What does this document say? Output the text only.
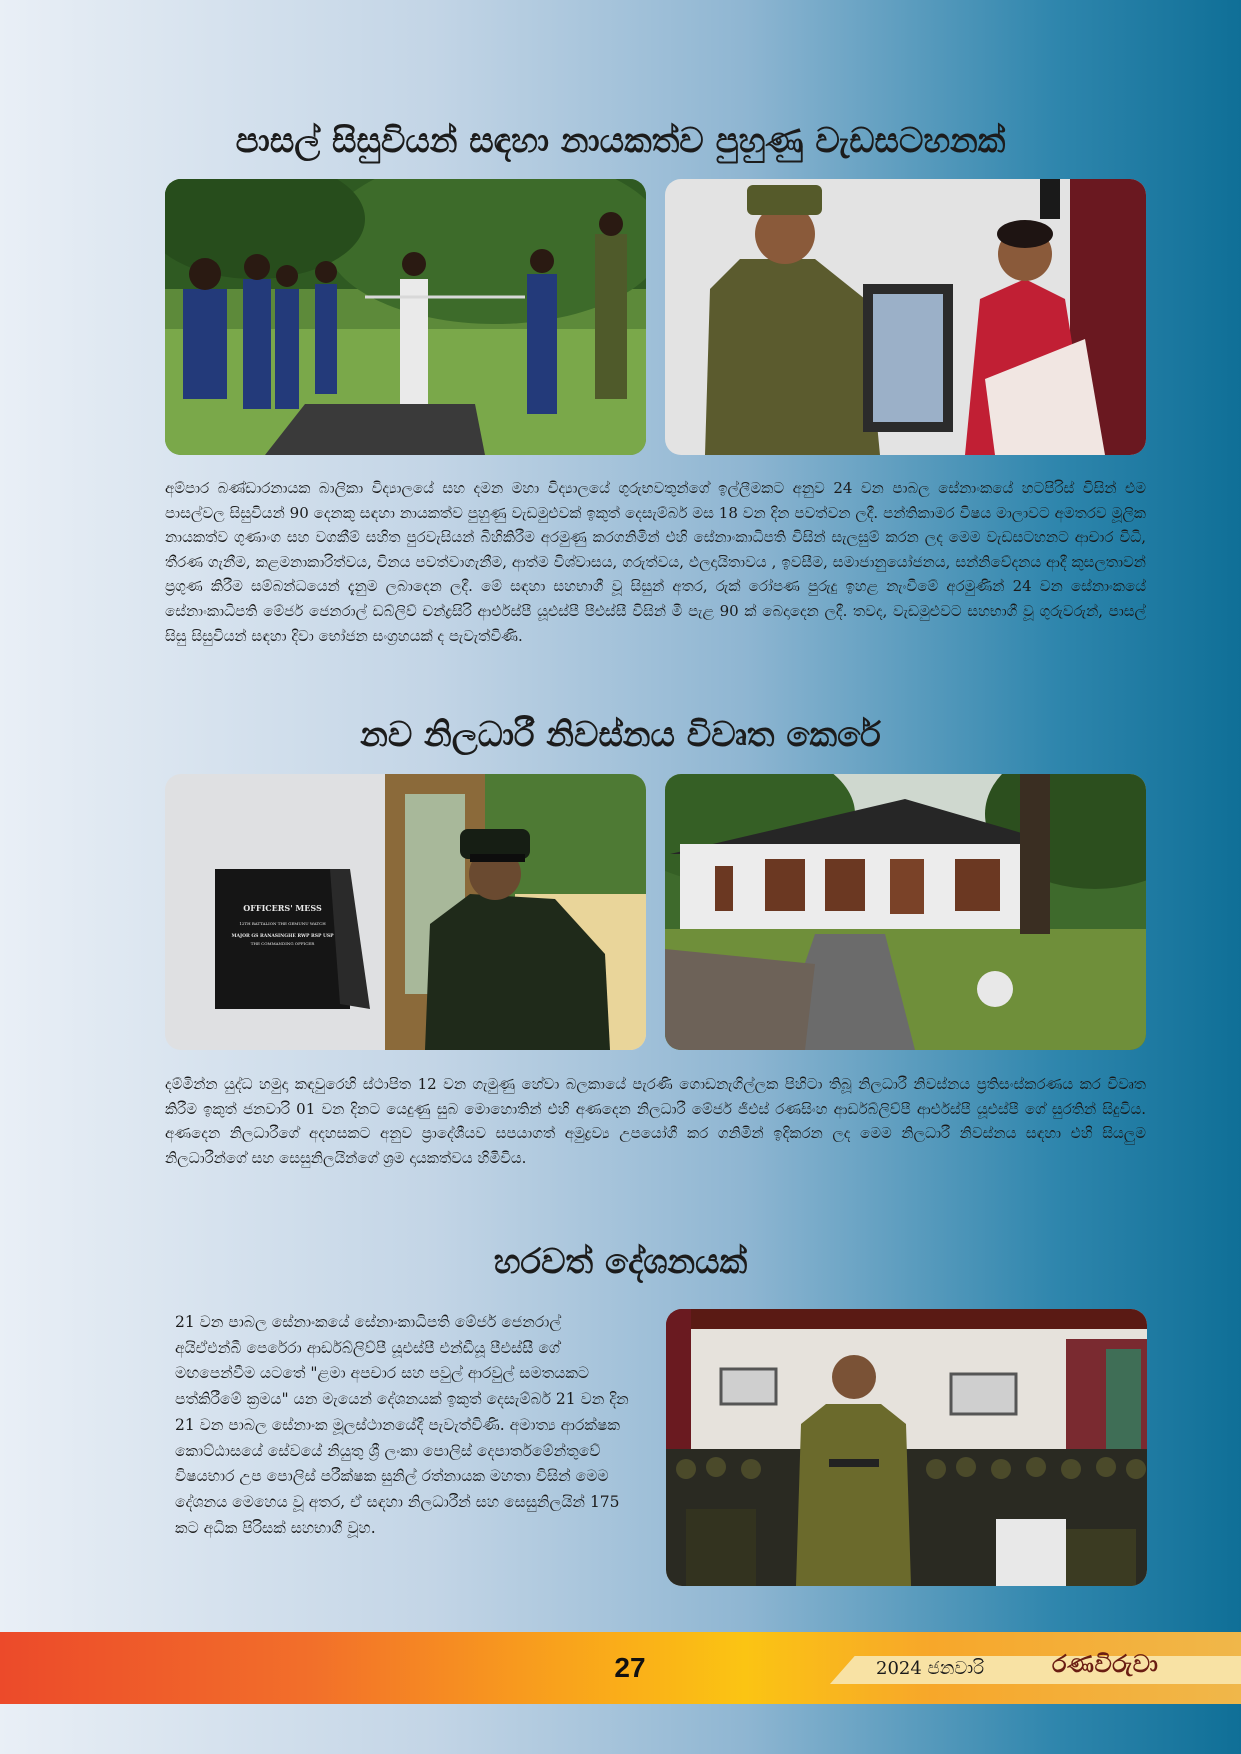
පාසල් සිසුවියන් සඳහා නායකත්ව පුහුණු වැඩසටහනක්

අම්පාර බණ්ඩාරනායක බාලිකා විද්‍යාලයේ සහ දමන මහා විද්‍යාලයේ ගුරුභවතුන්ගේ ඉල්ලීමකට අනුව 24 වන පාබල සේනාංකයේ හටපිරිස් විසින් එම පාසල්වල සිසුවියන් 90 දෙනකු සඳහා නායකත්ව පුහුණු වැඩමුළුවක් ඉකුත් දෙසැම්බර් මස 18 වන දින පවත්වන ලදී. පන්තිකාමර විෂය මාලාවට අමතරව මූලික නායකත්ව ගුණාංග සහ වගකීම් සහිත පුරවැසියන් බිහිකිරීම අරමුණු කරගනිමින් එහි සේනාංකාධිපති විසින් සැලසුම් කරන ලද මෙම වැඩසටහනට ආචාර විධි, තීරණ ගැනීම, කළමනාකාරිත්වය, විනය පවත්වාගැනීම, ආත්ම විශ්වාසය, ගරුත්වය, ඵලදායිතාවය , ඉවසීම, සමාජානුයෝජනය, සන්නිවේදනය ආදී කුසලතාවන් ප්‍රගුණ කිරීම සම්බන්ධයෙන් දැනුම ලබාදෙන ලදී. මේ සඳහා සහභාගී වූ සිසුන් අතර, රුක් රෝපණ පුරුදු ඉහළ නැංවීමේ අරමුණින් 24 වන සේනාංකයේ සේනාංකාධිපති මේජර් ජෙනරාල් ඩබ්ලිව් චන්ද්‍රසිරි ආර්එස්පී යූඑස්පී පීඑස්සී විසින් මී පැළ 90 ක් බෙදාදෙන ලදී. තවද, වැඩමුළුවට සහභාගී වූ ගුරුවරුන්, පාසල් සිසු සිසුවියන් සඳහා දිවා භෝජන සංග්‍රහයක් ද පැවැත්විණි.

නව නිලධාරී නිවස්නය විවෘත කෙරේ
OFFICERS' MESS
12TH BATTALION THE GEMUNU WATCH
MAJOR GS RANASINGHE RWP RSP USP
THE COMMANDING OFFICER

දම්මින්න යුද්ධ හමුදා කඳවුරෙහි ස්ථාපිත 12 වන ගැමුණු හේවා බලකායේ පැරණි ගොඩනැගිල්ලක පිහිටා තිබූ නිලධාරී නිවස්නය ප්‍රතිසංස්කරණය කර විවෘත කිරීම ඉකුත් ජනවාරි 01 වන දිනට යෙදුණු සුබ මොහොතින් එහි අණදෙන නිලධාරී මේජර් ජීඑස් රණසිංහ ආර්ඩබ්ලිව්පී ආර්එස්පී යූඑස්පී ගේ සුරතින් සිදුවිය. අණදෙන නිලධාරීගේ අදහසකට අනුව ප්‍රාදේශීයව සපයාගත් අමුද්‍රව්‍ය උපයෝගී කර ගනිමින් ඉදිකරන ලද මෙම නිලධාරී නිවස්නය සඳහා එහි සියලුම නිලධාරීන්ගේ සහ සෙසුනිලයින්ගේ ශ්‍රම දායකත්වය හිමිවිය.

හරවත් දේශනයක්

21 වන පාබල සේනාංකයේ සේනාංකාධිපති මේජර් ජෙනරාල් අයිඒඑන්බී පෙරේරා ආර්ඩබ්ලිව්පී යූඑස්පී එන්ඩීයූ පීඑස්සී ගේ මඟපෙන්වීම යටතේ "ළමා අපචාර සහ පවුල් ආරවුල් සමතයකට පත්කිරීමේ ක්‍රමය" යන මැයෙන් දේශනයක් ඉකුත් දෙසැම්බර් 21 වන දින 21 වන පාබල සේනාංක මූලස්ථානයේදී පැවැත්විණි. අමාත්‍ය ආරක්ෂක කොට්ඨාසයේ සේවයේ නියුතු ශ්‍රී ලංකා පොලිස් දෙපාර්තමේන්තුවේ විෂයභාර උප පොලිස් පරීක්ෂක සුනිල් රත්නායක මහතා විසින් මෙම දේශනය මෙහෙය වූ අතර, ඒ සඳහා නිලධාරීන් සහ සෙසුනිලයින් 175 කට අධික පිරිසක් සහභාගී වූහ.

27	2024 ජනවාරි	රණවිරුවා
